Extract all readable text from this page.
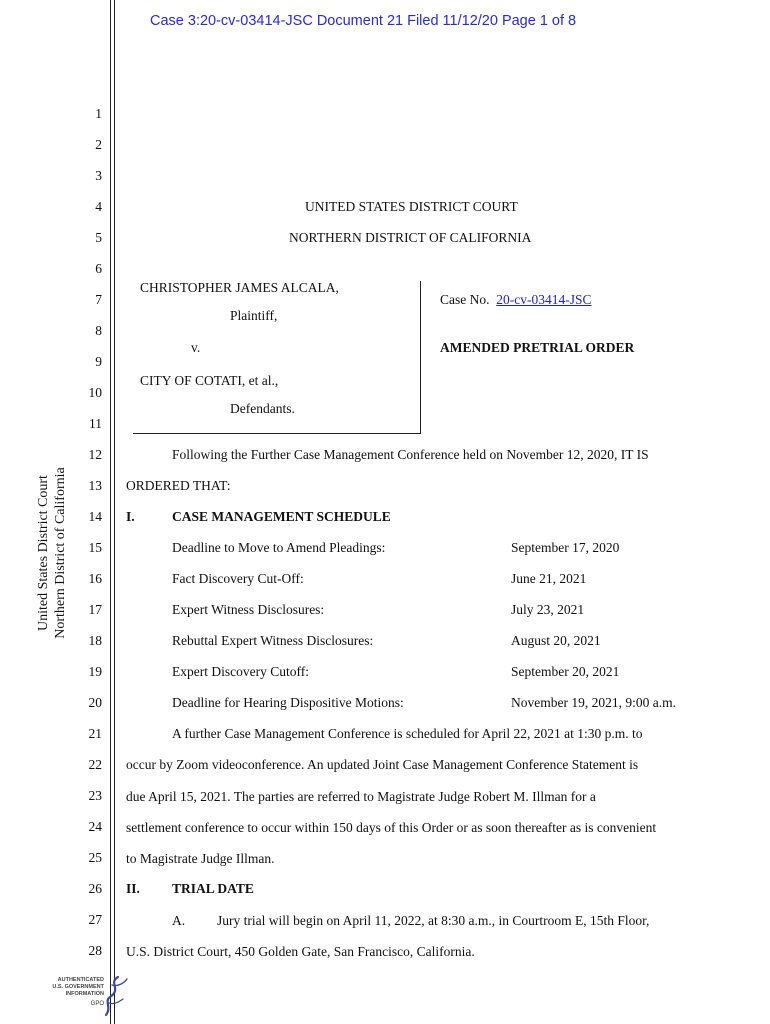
Case 3:20-cv-03414-JSC Document 21 Filed 11/12/20 Page 1 of 8
United States District Court Northern District of California
1
2
3
4
5
6
7
8
9
10
11
12
13
14
15
16
17
18
19
20
21
22
23
24
25
26
27
28
UNITED STATES DISTRICT COURT
NORTHERN DISTRICT OF CALIFORNIA
CHRISTOPHER JAMES ALCALA,
Plaintiff,
v.
CITY OF COTATI, et al.,
Defendants.
Case No. 20-cv-03414-JSC
AMENDED PRETRIAL ORDER
Following the Further Case Management Conference held on November 12, 2020, IT IS
ORDERED THAT:
I.	CASE MANAGEMENT SCHEDULE
Deadline to Move to Amend Pleadings:	September 17, 2020
Fact Discovery Cut-Off:	June 21, 2021
Expert Witness Disclosures:	July 23, 2021
Rebuttal Expert Witness Disclosures:	August 20, 2021
Expert Discovery Cutoff:	September 20, 2021
Deadline for Hearing Dispositive Motions:	November 19, 2021, 9:00 a.m.
A further Case Management Conference is scheduled for April 22, 2021 at 1:30 p.m. to
occur by Zoom videoconference. An updated Joint Case Management Conference Statement is
due April 15, 2021. The parties are referred to Magistrate Judge Robert M. Illman for a
settlement conference to occur within 150 days of this Order or as soon thereafter as is convenient
to Magistrate Judge Illman.
II. TRIAL DATE
A. Jury trial will begin on April 11, 2022, at 8:30 a.m., in Courtroom E, 15th Floor,
U.S. District Court, 450 Golden Gate, San Francisco, California.
AUTHENTICATED
U.S. GOVERNMENT
INFORMATION
GPO
